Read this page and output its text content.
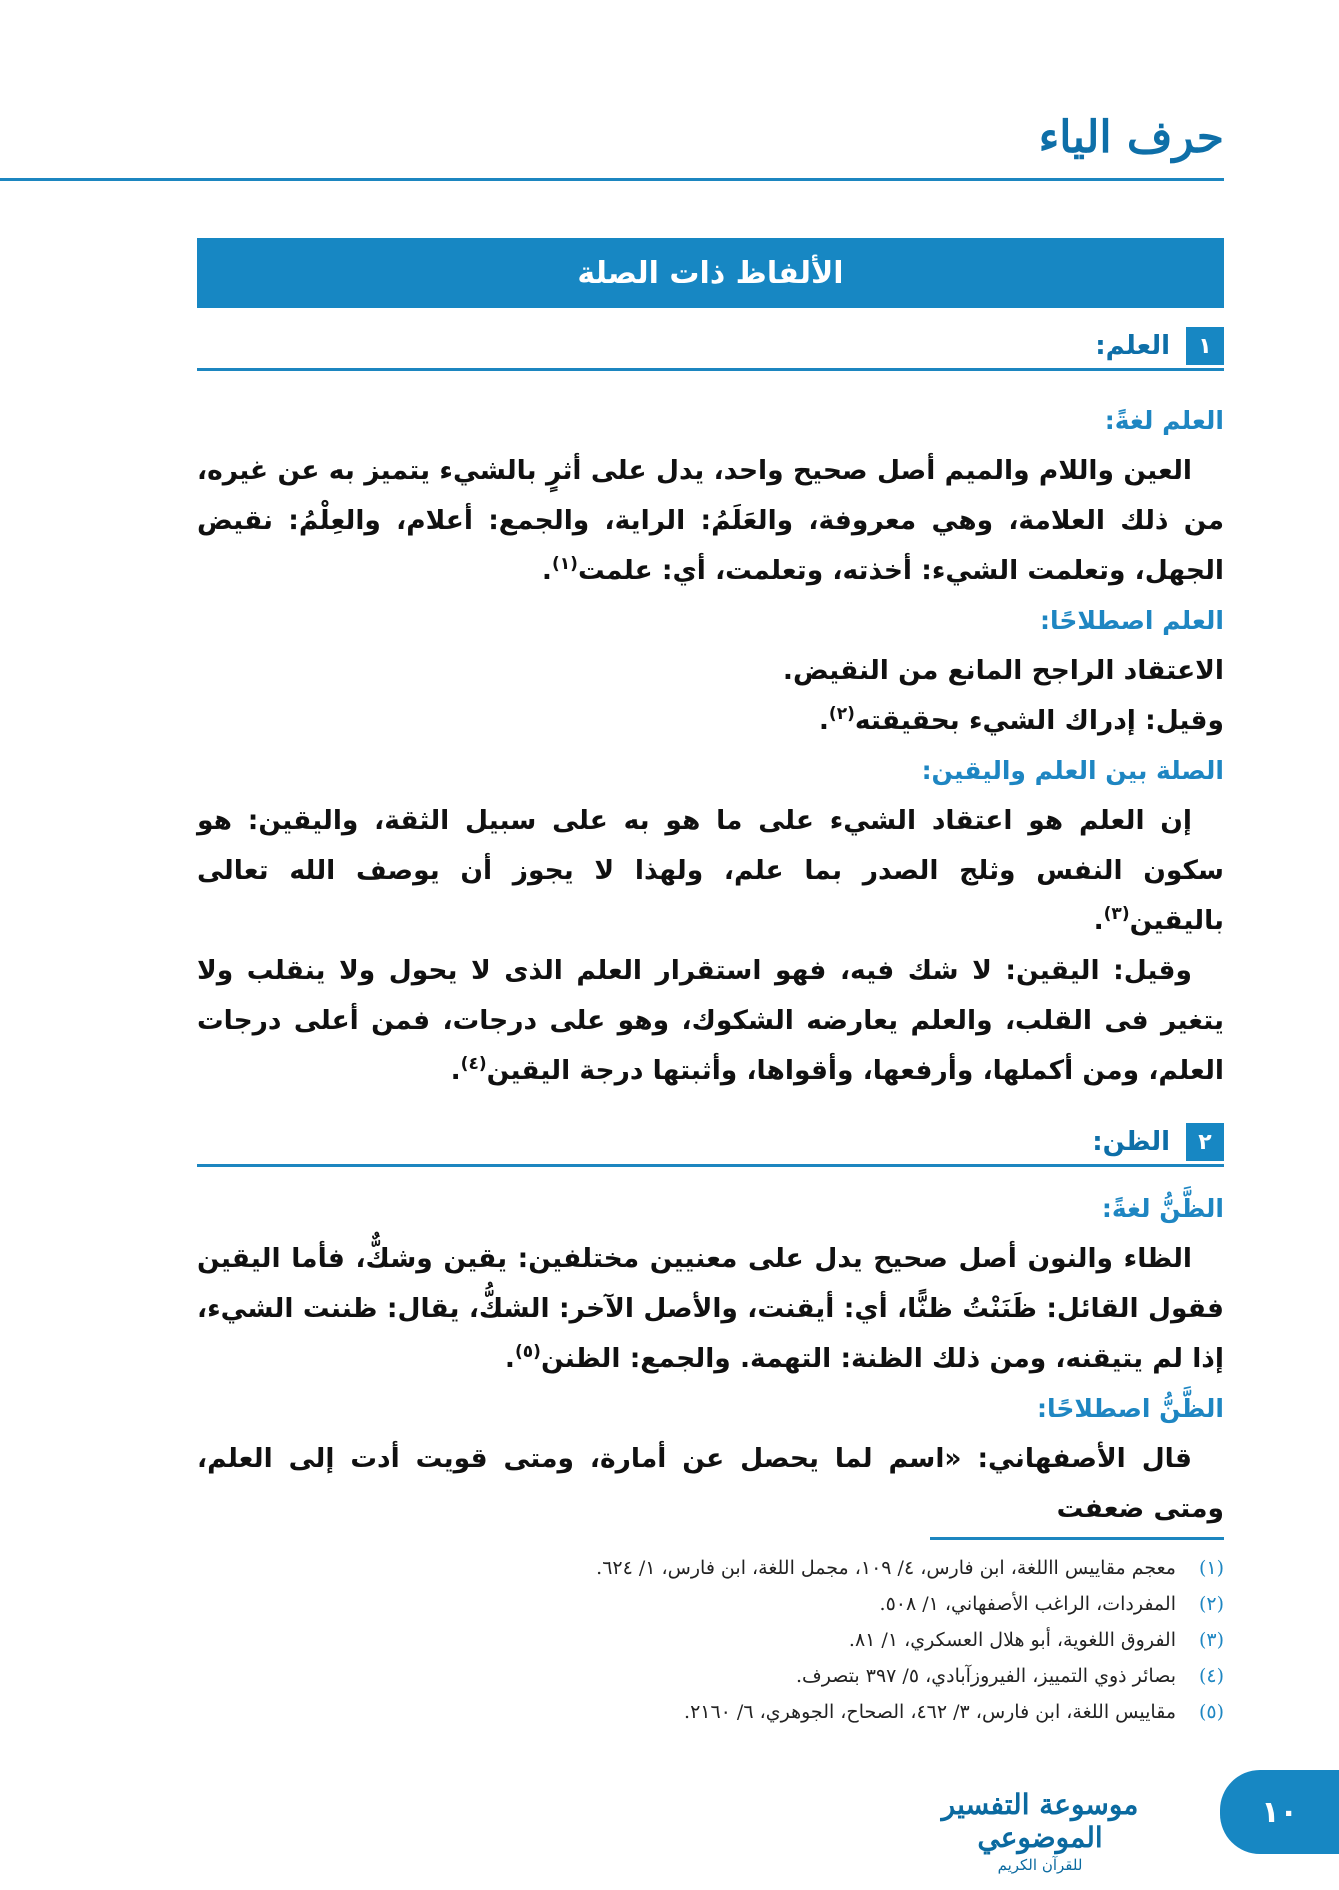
حرف الياء
الألفاظ ذات الصلة
١
العلم:

العلم لغةً:

العين واللام والميم أصل صحيح واحد، يدل على أثرٍ بالشيء يتميز به عن غيره، من ذلك العلامة، وهي معروفة، والعَلَمُ: الراية، والجمع: أعلام، والعِلْمُ: نقيض الجهل، وتعلمت الشيء: أخذته، وتعلمت، أي: علمت$^{(١)}$.

العلم اصطلاحًا:

الاعتقاد الراجح المانع من النقيض.

وقيل: إدراك الشيء بحقيقته$^{(٢)}$.

الصلة بين العلم واليقين:

إن العلم هو اعتقاد الشيء على ما هو به على سبيل الثقة، واليقين: هو سكون النفس وثلج الصدر بما علم، ولهذا لا يجوز أن يوصف الله تعالى باليقين$^{(٣)}$.

وقيل: اليقين: لا شك فيه، فهو استقرار العلم الذى لا يحول ولا ينقلب ولا يتغير فى القلب، والعلم يعارضه الشكوك، وهو على درجات، فمن أعلى درجات العلم، ومن أكملها، وأرفعها، وأقواها، وأثبتها درجة اليقين$^{(٤)}$.

٢
الظن:

الظَّنُّ لغةً:

الظاء والنون أصل صحيح يدل على معنيين مختلفين: يقين وشكٌّ، فأما اليقين فقول القائل: ظَنَنْتُ ظنًّا، أي: أيقنت، والأصل الآخر: الشكُّ، يقال: ظننت الشيء، إذا لم يتيقنه، ومن ذلك الظنة: التهمة. والجمع: الظنن$^{(٥)}$.

الظَّنُّ اصطلاحًا:

قال الأصفهاني: «اسم لما يحصل عن أمارة، ومتى قويت أدت إلى العلم، ومتى ضعفت

(١)
معجم مقاييس االلغة، ابن فارس، ٤/ ١٠٩، مجمل اللغة، ابن فارس، ١/ ٦٢٤.
(٢)
المفردات، الراغب الأصفهاني، ١/ ٥٠٨.
(٣)
الفروق اللغوية، أبو هلال العسكري، ١/ ٨١.
(٤)
بصائر ذوي التمييز، الفيروزآبادي، ٥/ ٣٩٧ بتصرف.
(٥)
مقاييس اللغة، ابن فارس، ٣/ ٤٦٢، الصحاح، الجوهري، ٦/ ٢١٦٠.
موسوعة التفسير الموضوعي
للقرآن الكريم
١٠
